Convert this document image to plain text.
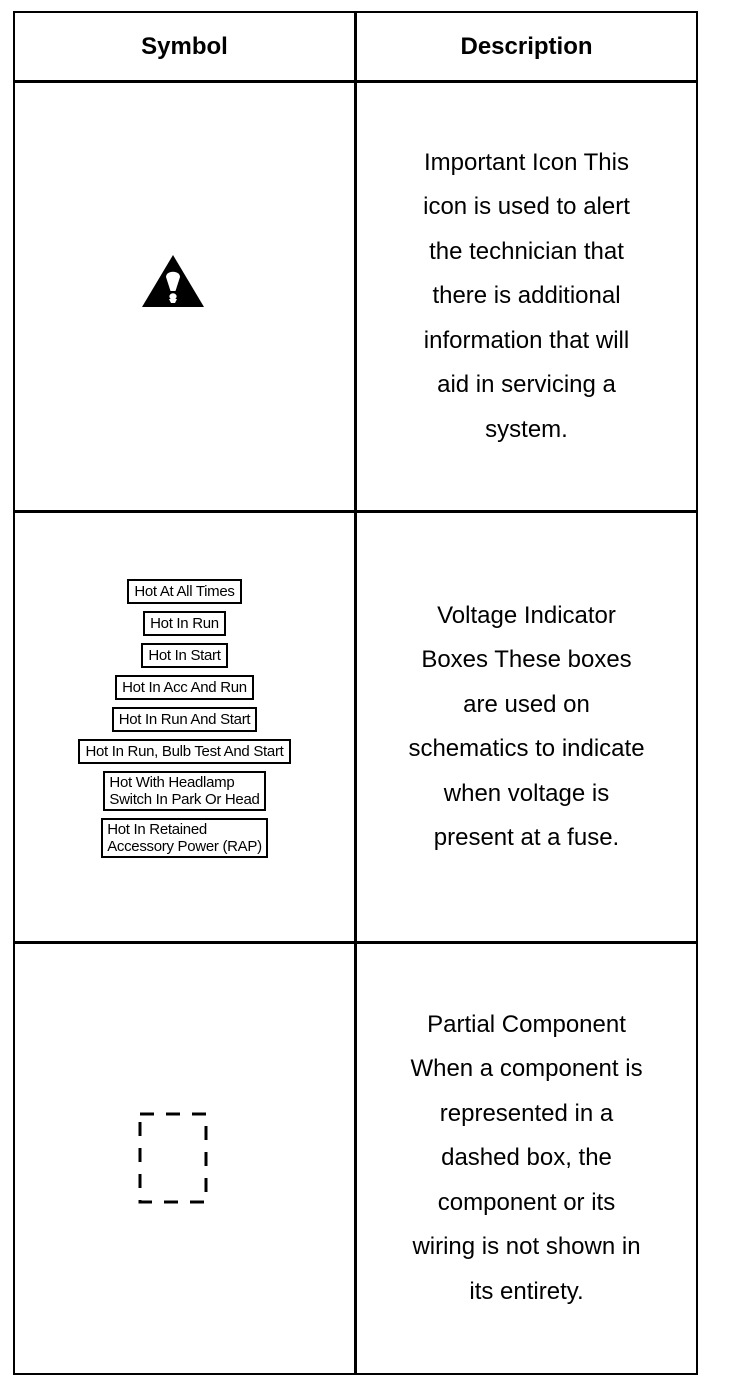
Symbol	Description
Important Icon This
icon is used to alert
the technician that
there is additional
information that will
aid in servicing a
system.
Hot At All Times
Hot In Run
Hot In Start
Hot In Acc And Run
Hot In Run And Start
Hot In Run, Bulb Test And Start
Hot With Headlamp
Switch In Park Or Head
Hot In Retained
Accessory Power (RAP)
Voltage Indicator
Boxes These boxes
are used on
schematics to indicate
when voltage is
present at a fuse.
Partial Component
When a component is
represented in a
dashed box, the
component or its
wiring is not shown in
its entirety.
